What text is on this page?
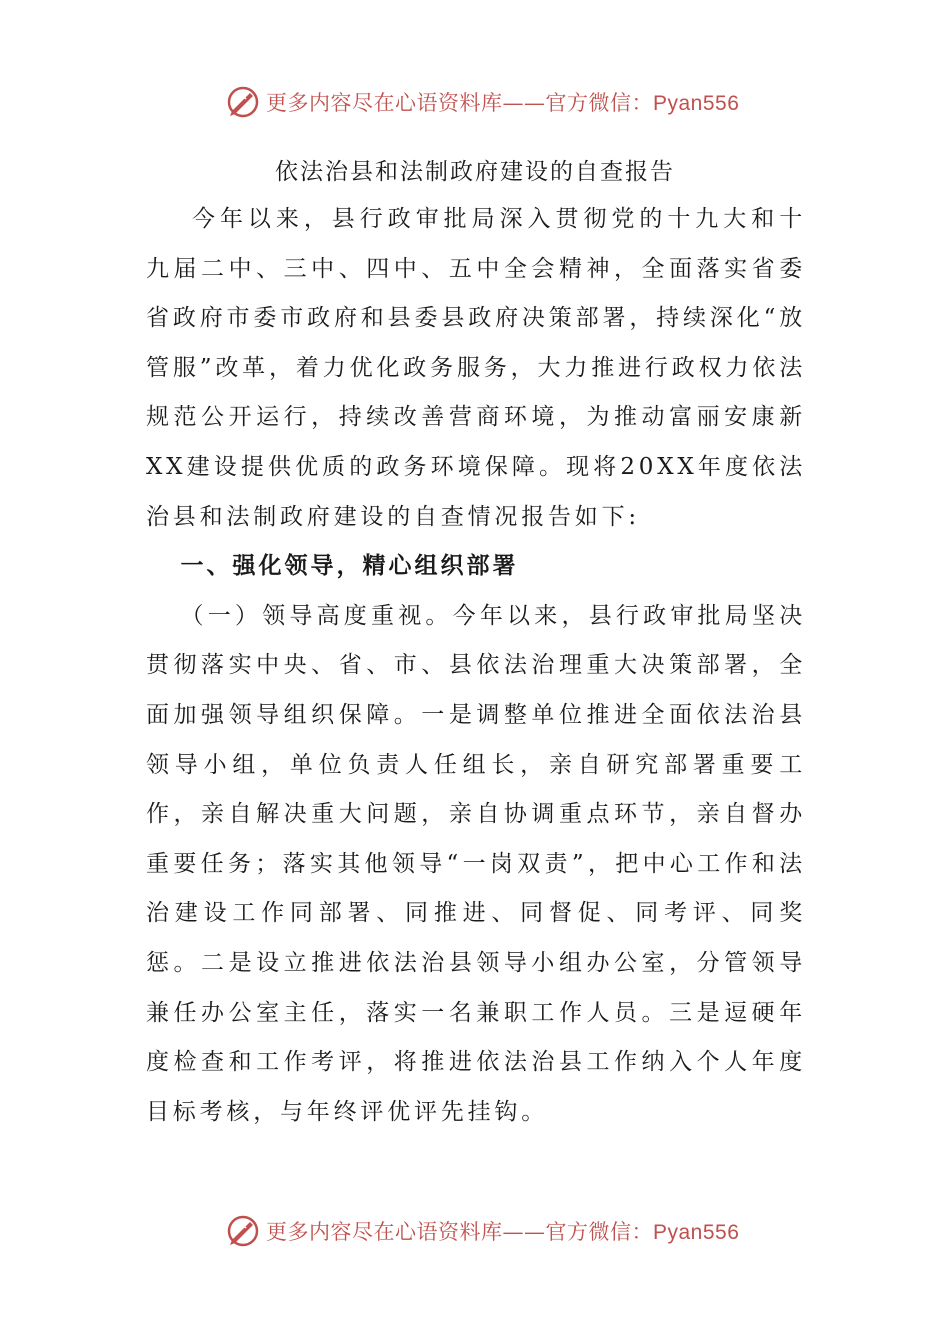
更多内容尽在心语资料库——官方微信：Pyan556
依法治县和法制政府建设的自查报告

今年以来，县行政审批局深入贯彻党的十九大和十九届二中、三中、四中、五中全会精神，全面落实省委省政府市委市政府和县委县政府决策部署，持续深化“放管服”改革，着力优化政务服务，大力推进行政权力依法规范公开运行，持续改善营商环境，为推动富丽安康新XX建设提供优质的政务环境保障。现将20XX年度依法治县和法制政府建设的自查情况报告如下:

一、强化领导，精心组织部署

（一）领导高度重视。今年以来，县行政审批局坚决贯彻落实中央、省、市、县依法治理重大决策部署，全面加强领导组织保障。一是调整单位推进全面依法治县领导小组，单位负责人任组长，亲自研究部署重要工作，亲自解决重大问题，亲自协调重点环节，亲自督办重要任务；落实其他领导“一岗双责”，把中心工作和法治建设工作同部署、同推进、同督促、同考评、同奖惩。二是设立推进依法治县领导小组办公室，分管领导兼任办公室主任，落实一名兼职工作人员。三是逗硬年度检查和工作考评，将推进依法治县工作纳入个人年度目标考核，与年终评优评先挂钩。

更多内容尽在心语资料库——官方微信：Pyan556
